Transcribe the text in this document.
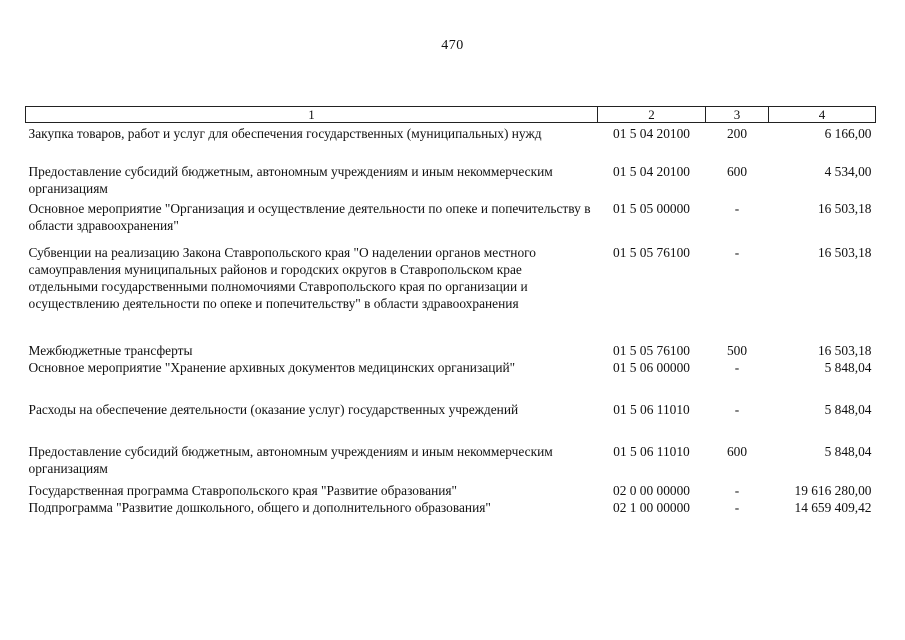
470
1	2	3	4
Закупка товаров, работ и услуг для обеспечения государственных (муниципальных) нужд	01 5 04 20100	200	6 166,00
Предоставление субсидий бюджетным, автономным учреждениям и иным некоммерческим организациям	01 5 04 20100	600	4 534,00
Основное мероприятие "Организация и осуществление деятельности по опеке и попечительству в области здравоохранения"	01 5 05 00000	-	16 503,18
Субвенции на реализацию Закона Ставропольского края "О наделении органов местного самоуправления муниципальных районов и городских округов в Ставропольском крае отдельными государственными полномочиями Ставропольского края по организации и осуществлению деятельности по опеке и попечительству" в области здравоохранения	01 5 05 76100	-	16 503,18
Межбюджетные трансферты	01 5 05 76100	500	16 503,18
Основное мероприятие "Хранение архивных документов медицинских организаций"	01 5 06 00000	-	5 848,04
Расходы на обеспечение деятельности (оказание услуг) государственных учреждений	01 5 06 11010	-	5 848,04
Предоставление субсидий бюджетным, автономным учреждениям и иным некоммерческим организациям	01 5 06 11010	600	5 848,04
Государственная программа Ставропольского края "Развитие образования"	02 0 00 00000	-	19 616 280,00
Подпрограмма "Развитие дошкольного, общего и дополнительного образования"	02 1 00 00000	-	14 659 409,42
